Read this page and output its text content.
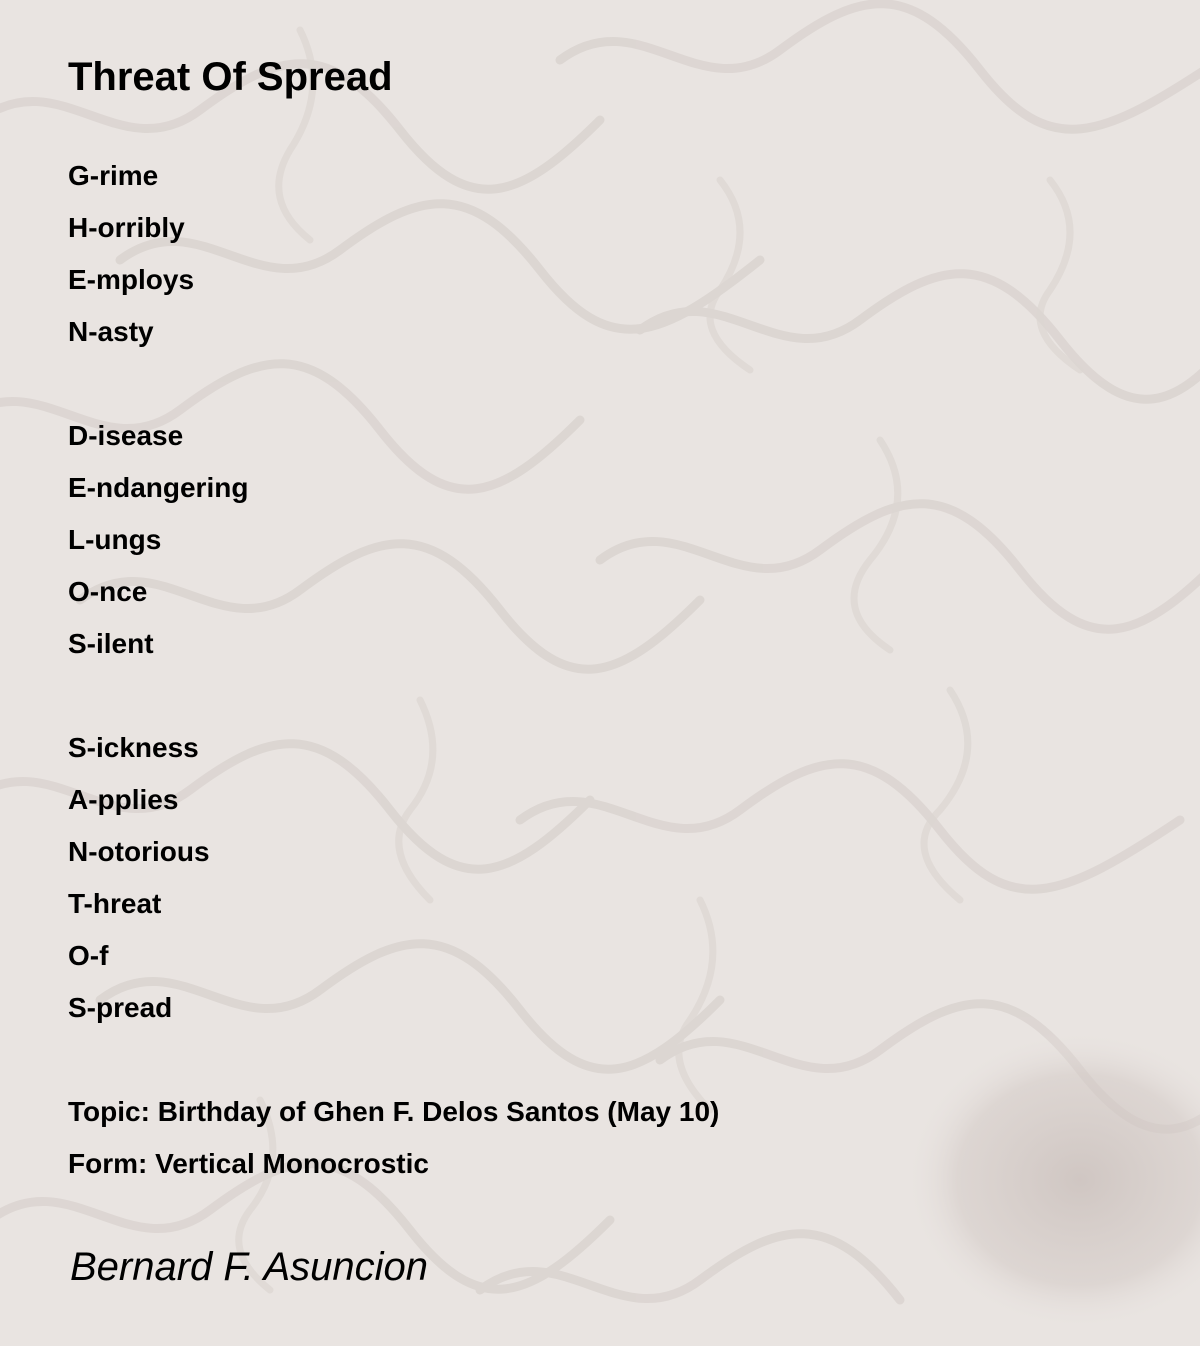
Threat Of Spread
G-rime
H-orribly
E-mploys
N-asty
D-isease
E-ndangering
L-ungs
O-nce
S-ilent
S-ickness
A-pplies
N-otorious
T-hreat
O-f
S-pread
Topic: Birthday of Ghen F. Delos Santos (May 10)
Form: Vertical Monocrostic
Bernard F. Asuncion
